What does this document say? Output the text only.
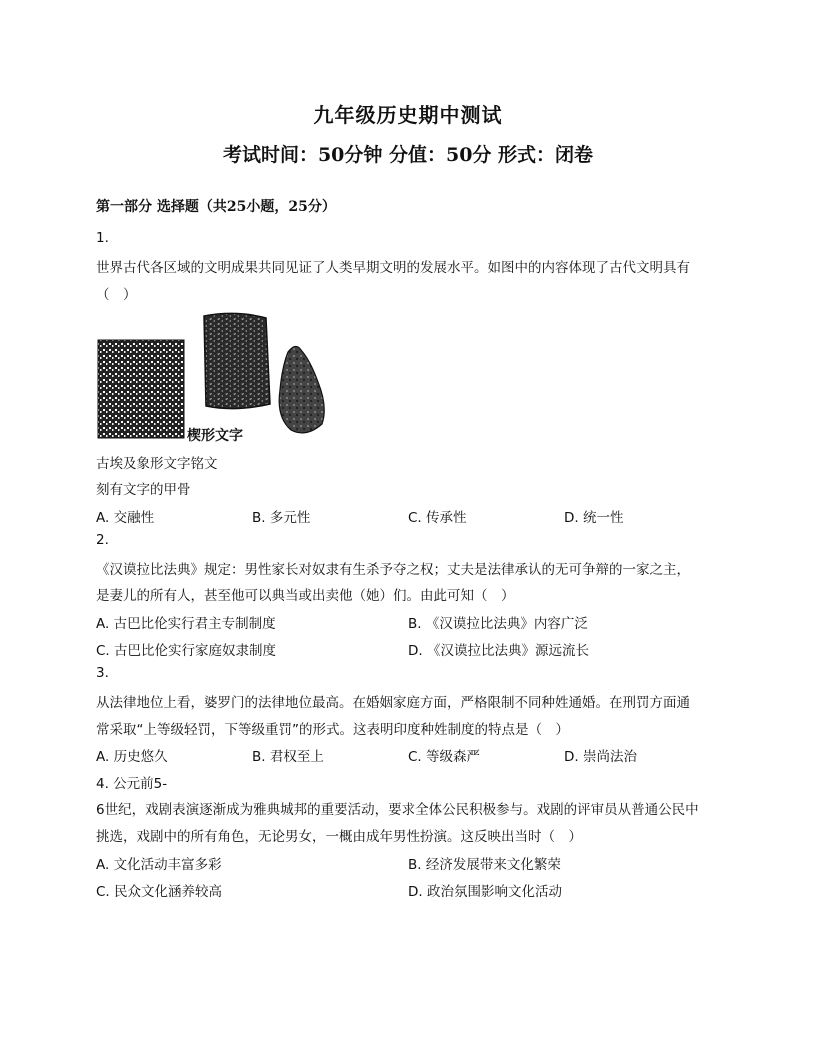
九年级历史期中测试
考试时间：50分钟 分值：50分 形式：闭卷
第一部分 选择题（共25小题，25分）
1.
世界古代各区域的文明成果共同见证了人类早期文明的发展水平。如图中的内容体现了古代文明具有
（　）
楔形文字
古埃及象形文字铭文
刻有文字的甲骨
A. 交融性	B. 多元性	C. 传承性	D. 统一性
2.
《汉谟拉比法典》规定：男性家长对奴隶有生杀予夺之权；丈夫是法律承认的无可争辩的一家之主，
是妻儿的所有人，甚至他可以典当或出卖他（她）们。由此可知（　）
A. 古巴比伦实行君主专制制度	B. 《汉谟拉比法典》内容广泛
C. 古巴比伦实行家庭奴隶制度	D. 《汉谟拉比法典》源远流长
3.
从法律地位上看，婆罗门的法律地位最高。在婚姻家庭方面，严格限制不同种姓通婚。在刑罚方面通
常采取“上等级轻罚，下等级重罚”的形式。这表明印度种姓制度的特点是（　）
A. 历史悠久	B. 君权至上	C. 等级森严	D. 崇尚法治
4. 公元前5-
6世纪，戏剧表演逐渐成为雅典城邦的重要活动，要求全体公民积极参与。戏剧的评审员从普通公民中
挑选，戏剧中的所有角色，无论男女，一概由成年男性扮演。这反映出当时（　）
A. 文化活动丰富多彩	B. 经济发展带来文化繁荣
C. 民众文化涵养较高	D. 政治氛围影响文化活动
